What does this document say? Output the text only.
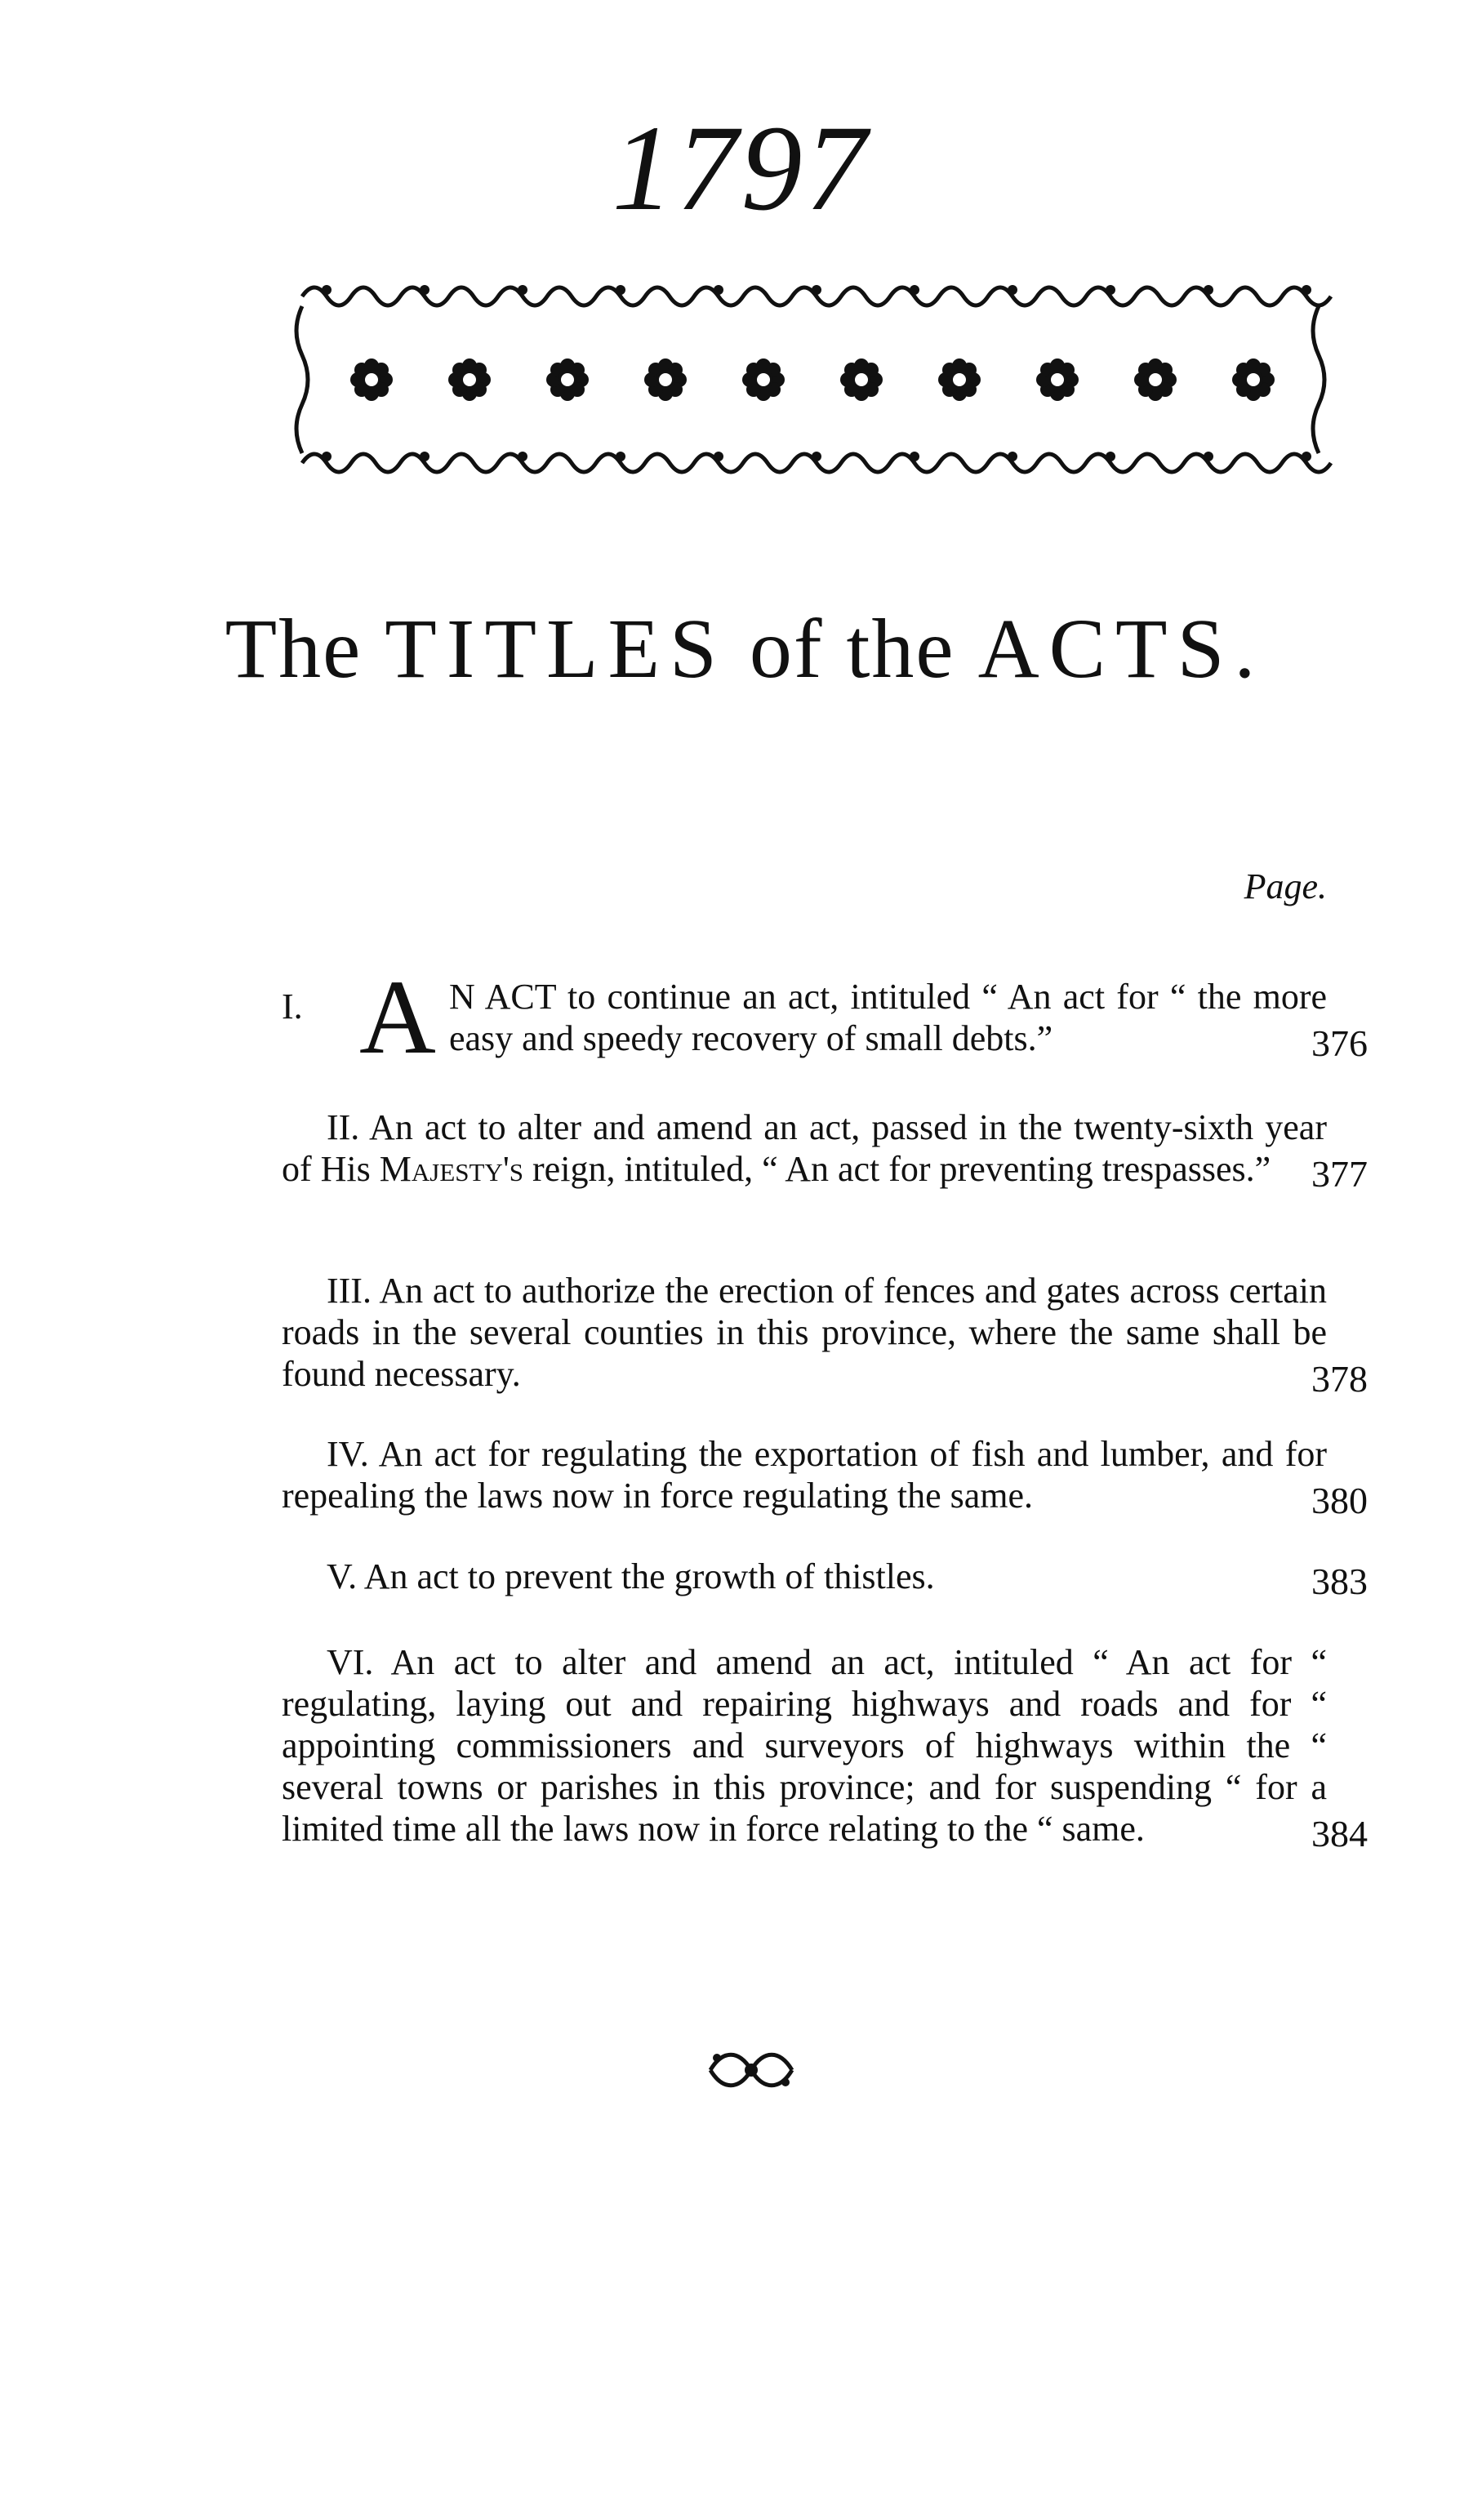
1797
The TITLES of the ACTS.
Page.
I. A N ACT to continue an act, intituled “ An act for “ the more easy and speedy recovery of small debts.”	376
II. An act to alter and amend an act, passed in the twenty-sixth year of His Majesty's reign, intituled, “ An act for preventing trespasses.”	377
III. An act to authorize the erection of fences and gates across certain roads in the several counties in this province, where the same shall be found necessary.	378
IV. An act for regulating the exportation of fish and lumber, and for repealing the laws now in force regulating the same.	380
V. An act to prevent the growth of thistles.	383
VI. An act to alter and amend an act, intituled “ An act for “ regulating, laying out and repairing highways and roads and for “ appointing commissioners and surveyors of highways within the “ several towns or parishes in this province; and for suspending “ for a limited time all the laws now in force relating to the “ same.	384
